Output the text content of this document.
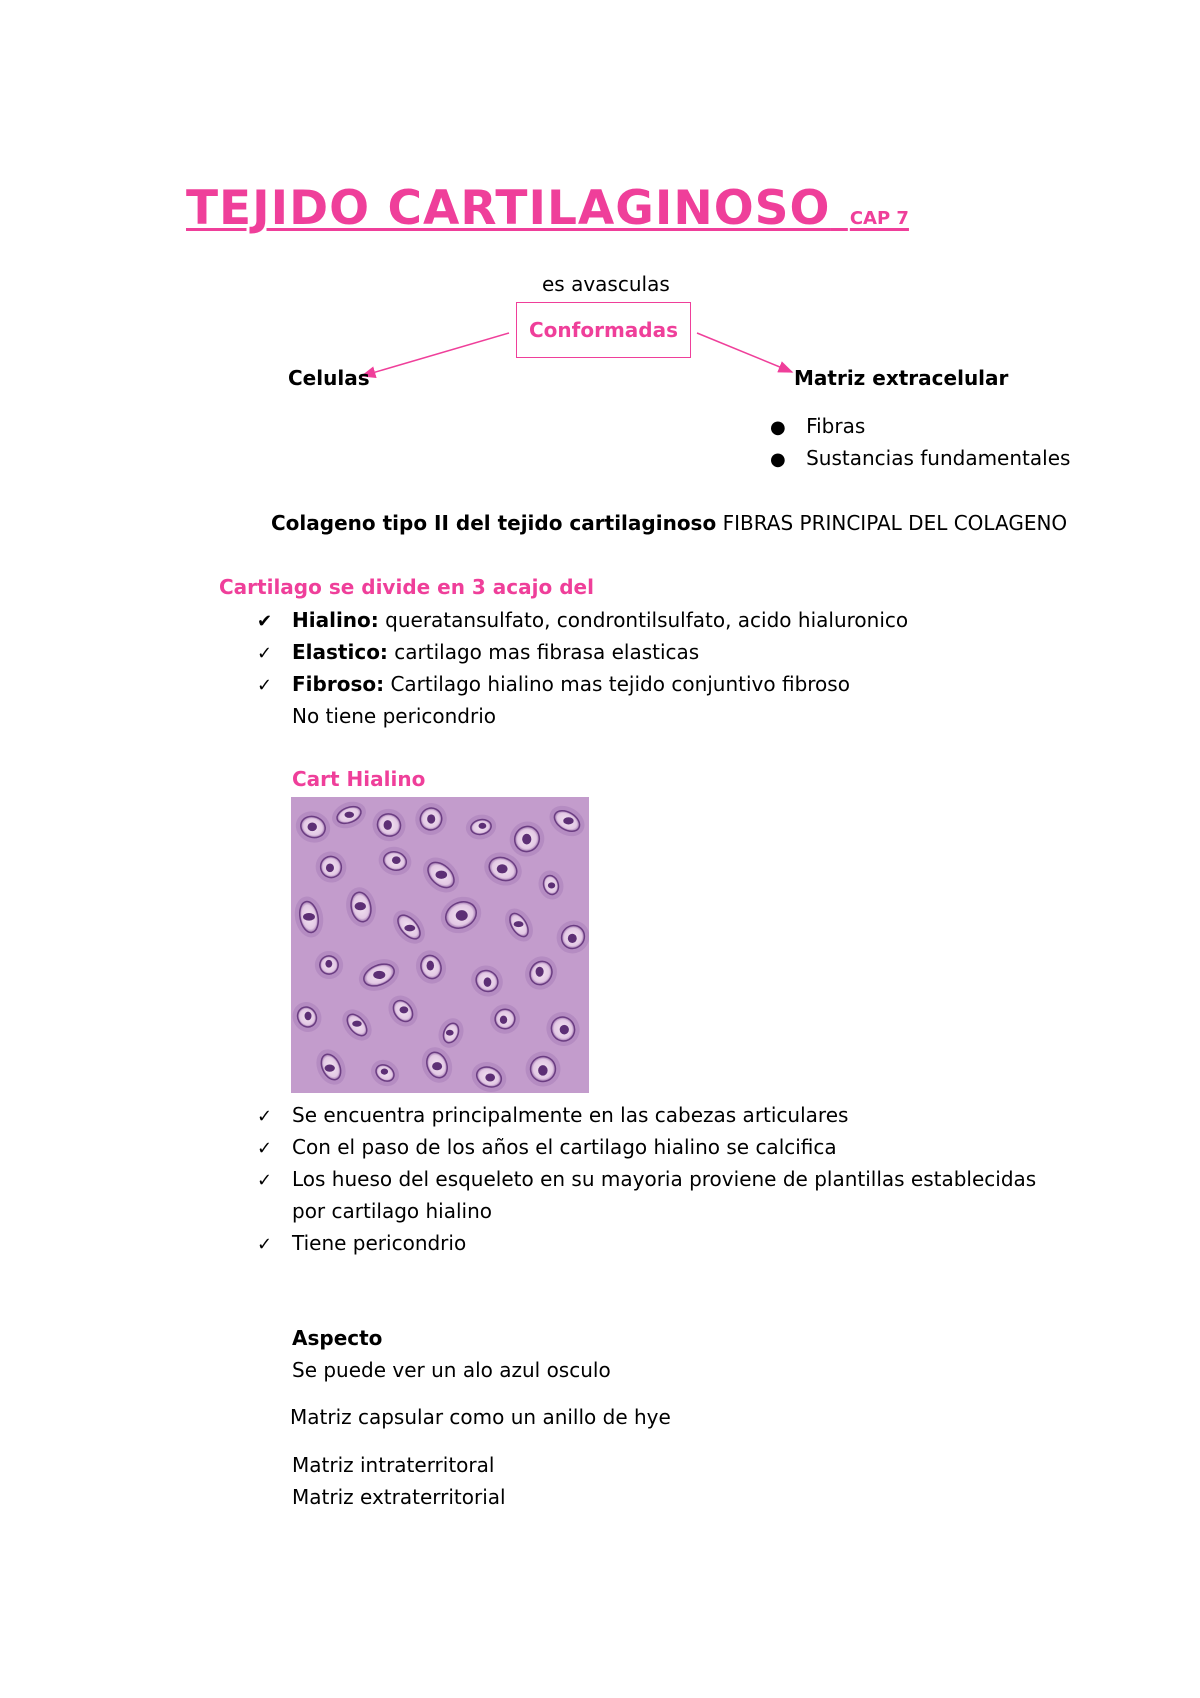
TEJIDO CARTILAGINOSO CAP 7
es avasculas
Conformadas
Celulas	Matriz extracelular
● Fibras
● Sustancias fundamentales
Colageno tipo II del tejido cartilaginoso FIBRAS PRINCIPAL DEL COLAGENO
Cartilago se divide en 3 acajo del
✔ Hialino: queratansulfato, condrontilsulfato, acido hialuronico
✓ Elastico: cartilago mas fibrasa elasticas
✓ Fibroso: Cartilago hialino mas tejido conjuntivo fibroso
No tiene pericondrio
Cart Hialino
✓ Se encuentra principalmente en las cabezas articulares
✓ Con el paso de los años el cartilago hialino se calcifica
✓ Los hueso del esqueleto en su mayoria proviene de plantillas establecidas
por cartilago hialino
✓ Tiene pericondrio
Aspecto
Se puede ver un alo azul osculo
Matriz capsular como un anillo de hye
Matriz intraterritoral
Matriz extraterritorial
